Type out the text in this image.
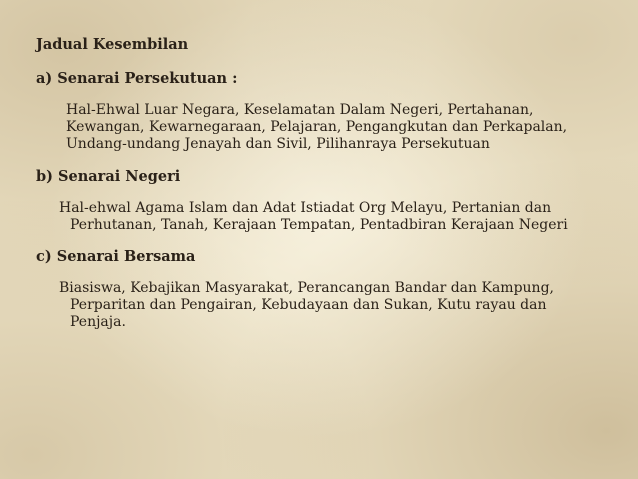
Jadual Kesembilan

a) Senarai Persekutuan :

Hal-Ehwal Luar Negara, Keselamatan Dalam Negeri, Pertahanan, Kewangan, Kewarnegaraan, Pelajaran, Pengangkutan dan Perkapalan, Undang-undang Jenayah dan Sivil, Pilihanraya Persekutuan

b) Senarai Negeri

Hal-ehwal Agama Islam dan Adat Istiadat Org Melayu, Pertanian dan Perhutanan, Tanah, Kerajaan Tempatan, Pentadbiran Kerajaan Negeri

c) Senarai Bersama

Biasiswa, Kebajikan Masyarakat, Perancangan Bandar dan Kampung, Perparitan dan Pengairan, Kebudayaan dan Sukan, Kutu rayau dan Penjaja.
